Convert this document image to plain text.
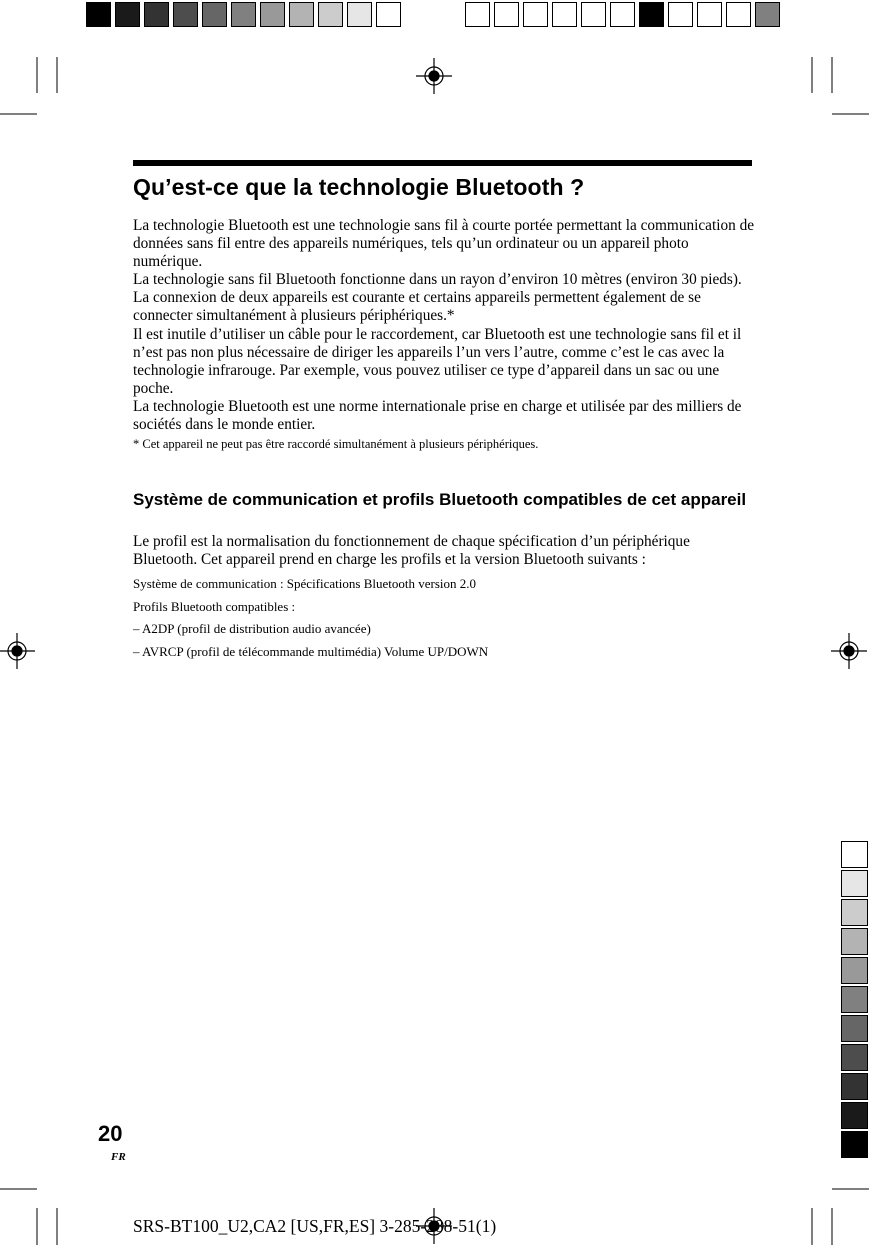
Qu’est-ce que la technologie Bluetooth ?

La technologie Bluetooth est une technologie sans fil à courte portée permettant la communication de données sans fil entre des appareils numériques, tels qu’un ordinateur ou un appareil photo numérique.

La technologie sans fil Bluetooth fonctionne dans un rayon d’environ 10 mètres (environ 30 pieds). La connexion de deux appareils est courante et certains appareils permettent également de se connecter simultanément à plusieurs périphériques.*

Il est inutile d’utiliser un câble pour le raccordement, car Bluetooth est une technologie sans fil et il n’est pas non plus nécessaire de diriger les appareils l’un vers l’autre, comme c’est le cas avec la technologie infrarouge. Par exemple, vous pouvez utiliser ce type d’appareil dans un sac ou une poche.

La technologie Bluetooth est une norme internationale prise en charge et utilisée par des milliers de sociétés dans le monde entier.

* Cet appareil ne peut pas être raccordé simultanément à plusieurs périphériques.
Système de communication et profils Bluetooth compatibles de cet appareil

Le profil est la normalisation du fonctionnement de chaque spécification d’un périphérique Bluetooth. Cet appareil prend en charge les profils et la version Bluetooth suivants :

Système de communication : Spécifications Bluetooth version 2.0
Profils Bluetooth compatibles :
– A2DP (profil de distribution audio avancée)
– AVRCP (profil de télécommande multimédia) Volume UP/DOWN
20
FR
SRS-BT100_U2,CA2 [US,FR,ES] 3-285-288-51(1)
